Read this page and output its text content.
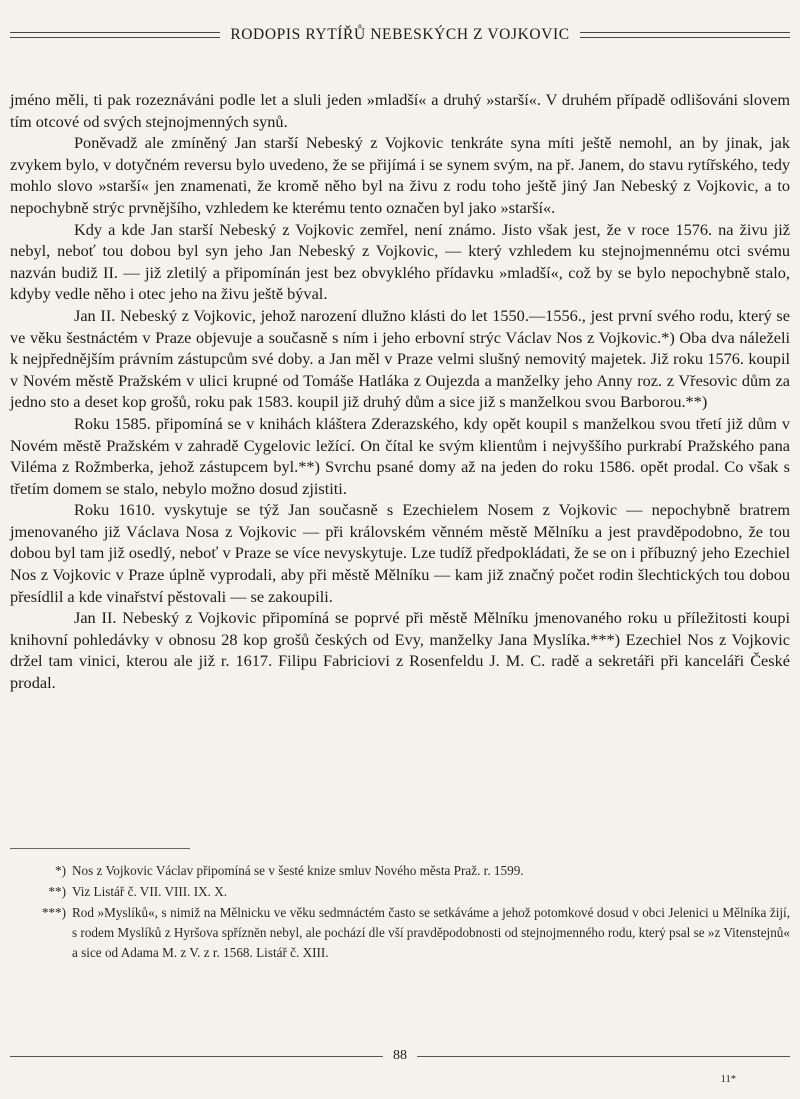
RODOPIS RYTÍŘŮ NEBESKÝCH Z VOJKOVIC

jméno měli, ti pak rozeznáváni podle let a sluli jeden »mladší« a druhý »starší«. V druhém případě odlišováni slovem tím otcové od svých stejnojmenných synů.

Poněvadž ale zmíněný Jan starší Nebeský z Vojkovic tenkráte syna míti ještě nemohl, an by jinak, jak zvykem bylo, v dotyčném reversu bylo uvedeno, že se přijímá i se synem svým, na př. Janem, do stavu rytířského, tedy mohlo slovo »starší« jen znamenati, že kromě něho byl na živu z rodu toho ještě jiný Jan Nebeský z Vojkovic, a to nepochybně strýc prvnějšího, vzhledem ke kterému tento označen byl jako »starší«.

Kdy a kde Jan starší Nebeský z Vojkovic zemřel, není známo. Jisto však jest, že v roce 1576. na živu již nebyl, neboť tou dobou byl syn jeho Jan Nebeský z Vojkovic, — který vzhledem ku stejnojmennému otci svému nazván budiž II. — již zletilý a připomínán jest bez obvyklého přídavku »mladší«, což by se bylo nepochybně stalo, kdyby vedle něho i otec jeho na živu ještě býval.

Jan II. Nebeský z Vojkovic, jehož narození dlužno klásti do let 1550.—1556., jest první svého rodu, který se ve věku šestnáctém v Praze objevuje a současně s ním i jeho erbovní strýc Václav Nos z Vojkovic.*) Oba dva náleželi k nejpřednějším právním zástupcům své doby. a Jan měl v Praze velmi slušný nemovitý majetek. Již roku 1576. koupil v Novém městě Pražském v ulici krupné od Tomáše Hatláka z Oujezda a manželky jeho Anny roz. z Vřesovic dům za jedno sto a deset kop grošů, roku pak 1583. koupil již druhý dům a sice již s manželkou svou Barborou.**)

Roku 1585. připomíná se v knihách kláštera Zderazského, kdy opět koupil s manželkou svou třetí již dům v Novém městě Pražském v zahradě Cygelovic ležící. On čítal ke svým klientům i nejvyššího purkrabí Pražského pana Viléma z Rožmberka, jehož zástupcem byl.**) Svrchu psané domy až na jeden do roku 1586. opět prodal. Co však s třetím domem se stalo, nebylo možno dosud zjistiti.

Roku 1610. vyskytuje se týž Jan současně s Ezechielem Nosem z Vojkovic — nepochybně bratrem jmenovaného již Václava Nosa z Vojkovic — při královském věnném městě Mělníku a jest pravděpodobno, že tou dobou byl tam již osedlý, neboť v Praze se více nevyskytuje. Lze tudíž předpokládati, že se on i příbuzný jeho Ezechiel Nos z Vojkovic v Praze úplně vyprodali, aby při městě Mělníku — kam již značný počet rodin šlechtických tou dobou přesídlil a kde vinařství pěstovali — se zakoupili.

Jan II. Nebeský z Vojkovic připomíná se poprvé při městě Mělníku jmenovaného roku u příležitosti koupi knihovní pohledávky v obnosu 28 kop grošů českých od Evy, manželky Jana Myslíka.***) Ezechiel Nos z Vojkovic držel tam vinici, kterou ale již r. 1617. Filipu Fabriciovi z Rosenfeldu J. M. C. radě a sekretáři při kanceláři České prodal.

*) Nos z Vojkovic Václav připomíná se v šesté knize smluv Nového města Praž. r. 1599.
**) Viz Listář č. VII. VIII. IX. X.
***) Rod »Myslíků«, s nimiž na Mělnicku ve věku sedmnáctém často se setkáváme a jehož potomkové dosud v obci Jelenici u Mělníka žijí, s rodem Myslíků z Hyršova spříznĕn nebyl, ale pochází dle vší pravděpodobnosti od stejnojmenného rodu, který psal se »z Vitenstejnů« a sice od Adama M. z V. z r. 1568. Listář č. XIII.
88
11*
